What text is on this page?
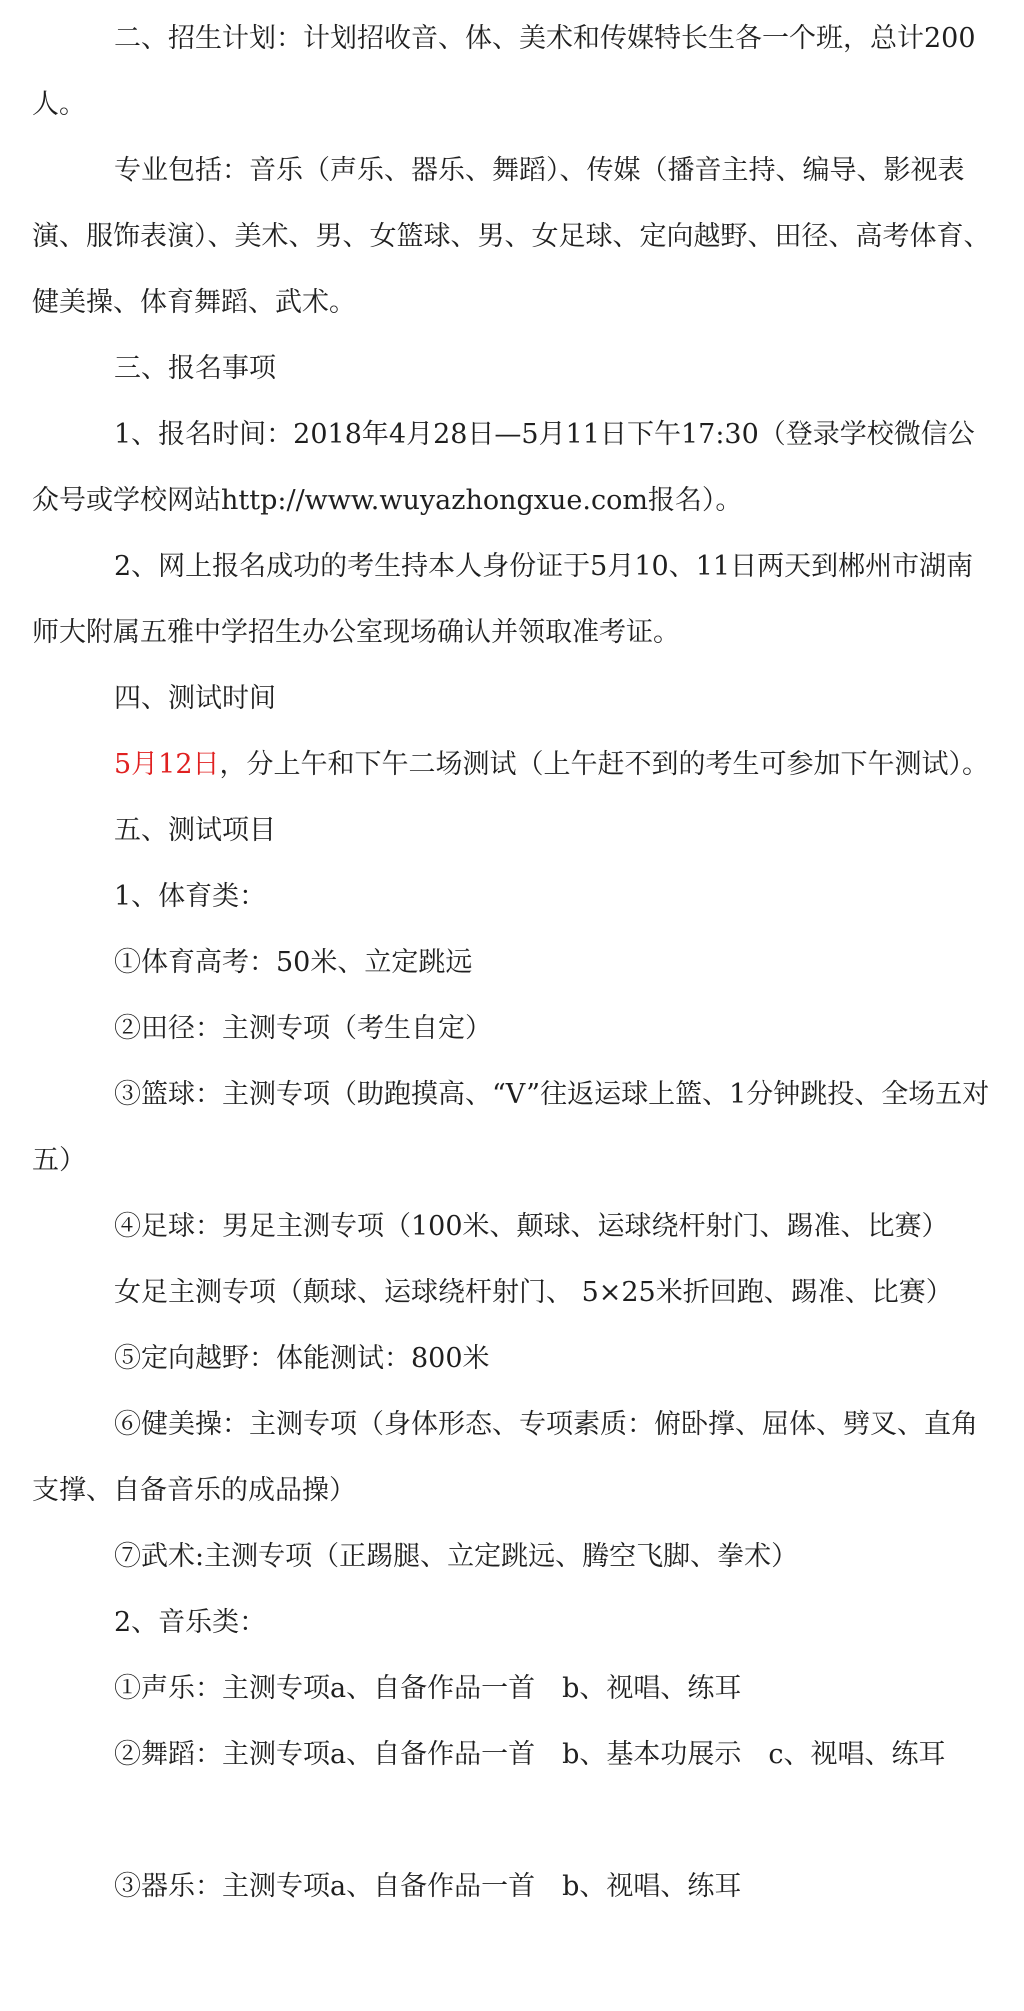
二、招生计划：计划招收音、体、美术和传媒特长生各一个班，总计200人。

专业包括：音乐（声乐、器乐、舞蹈）、传媒（播音主持、编导、影视表演、服饰表演）、美术、男、女篮球、男、女足球、定向越野、田径、高考体育、健美操、体育舞蹈、武术。

三、报名事项

1、报名时间：2018年4月28日—5月11日下午17:30（登录学校微信公众号或学校网站http://www.wuyazhongxue.com报名）。

2、网上报名成功的考生持本人身份证于5月10、11日两天到郴州市湖南师大附属五雅中学招生办公室现场确认并领取准考证。

四、测试时间

5月12日，分上午和下午二场测试（上午赶不到的考生可参加下午测试）。

五、测试项目

1、体育类：

①体育高考：50米、立定跳远

②田径：主测专项（考生自定）

③篮球：主测专项（助跑摸高、“V”往返运球上篮、1分钟跳投、全场五对五）

④足球：男足主测专项（100米、颠球、运球绕杆射门、踢准、比赛）

女足主测专项（颠球、运球绕杆射门、 5×25米折回跑、踢准、比赛）

⑤定向越野：体能测试：800米

⑥健美操：主测专项（身体形态、专项素质：俯卧撑、屈体、劈叉、直角支撑、自备音乐的成品操）

⑦武术:主测专项（正踢腿、立定跳远、腾空飞脚、拳术）

2、音乐类：

①声乐：主测专项a、自备作品一首　b、视唱、练耳

②舞蹈：主测专项a、自备作品一首　b、基本功展示　c、视唱、练耳

③器乐：主测专项a、自备作品一首　b、视唱、练耳
